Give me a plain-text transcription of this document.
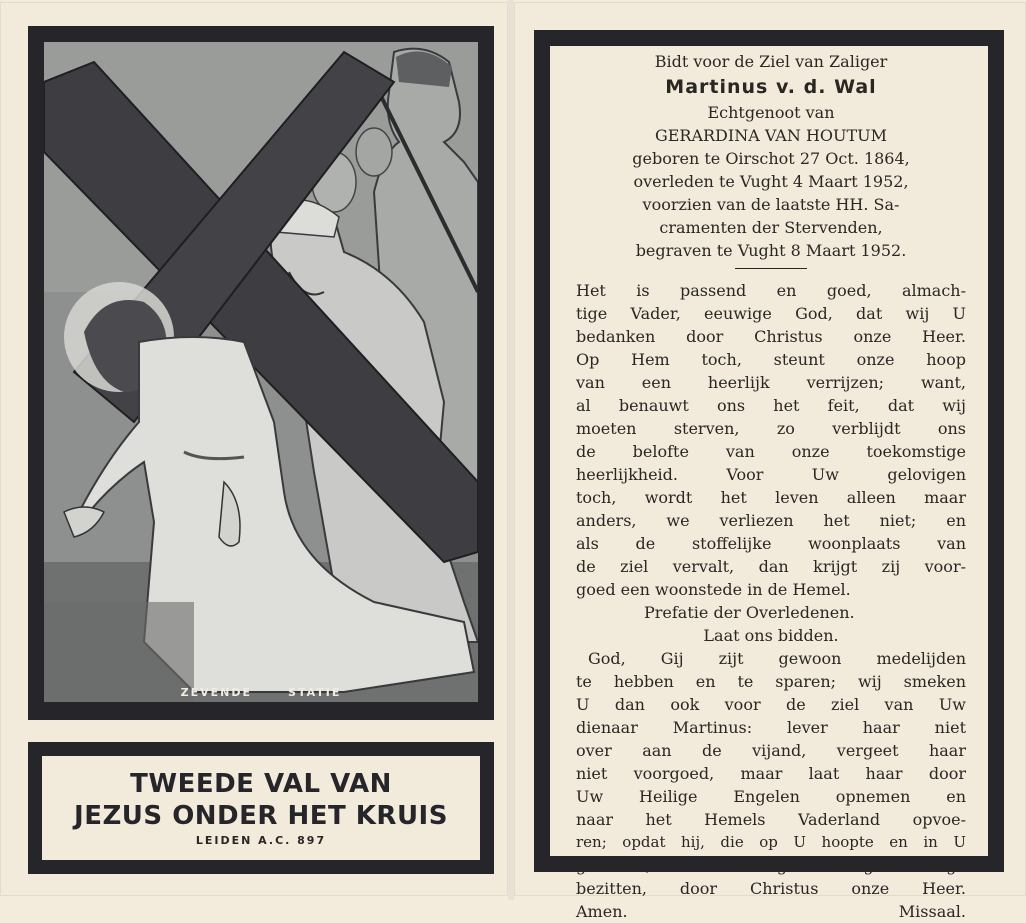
ZEVENDE	STATIE
TWEEDE VAL VAN
JEZUS ONDER HET KRUIS
LEIDEN A.C. 897

Bidt voor de Ziel van Zaliger

Martinus v. d. Wal

Echtgenoot van

GERARDINA VAN HOUTUM

geboren te Oirschot 27 Oct. 1864,

overleden te Vught 4 Maart 1952,

voorzien van de laatste HH. Sa-

cramenten der Stervenden,

begraven te Vught 8 Maart 1952.

Het is passend en goed, almach-

tige Vader, eeuwige God, dat wij U

bedanken door Christus onze Heer.

Op Hem toch, steunt onze hoop

van een heerlijk verrijzen; want,

al benauwt ons het feit, dat wij

moeten sterven, zo verblijdt ons

de belofte van onze toekomstige

heerlijkheid. Voor Uw gelovigen

toch, wordt het leven alleen maar

anders, we verliezen het niet; en

als de stoffelijke woonplaats van

de ziel vervalt, dan krijgt zij voor-

goed een woonstede in de Hemel.

Prefatie der Overledenen.

Laat ons bidden.

God, Gij zijt gewoon medelijden

te hebben en te sparen; wij smeken

U dan ook voor de ziel van Uw

dienaar Martinus: lever haar niet

over aan de vijand, vergeet haar

niet voorgoed, maar laat haar door

Uw Heilige Engelen opnemen en

naar het Hemels Vaderland opvoe-

ren; opdat hij, die op U hoopte en in U

geloofde, de Eeuwige Vreugde moge

bezitten, door Christus onze Heer.

Amen.	Missaal.
